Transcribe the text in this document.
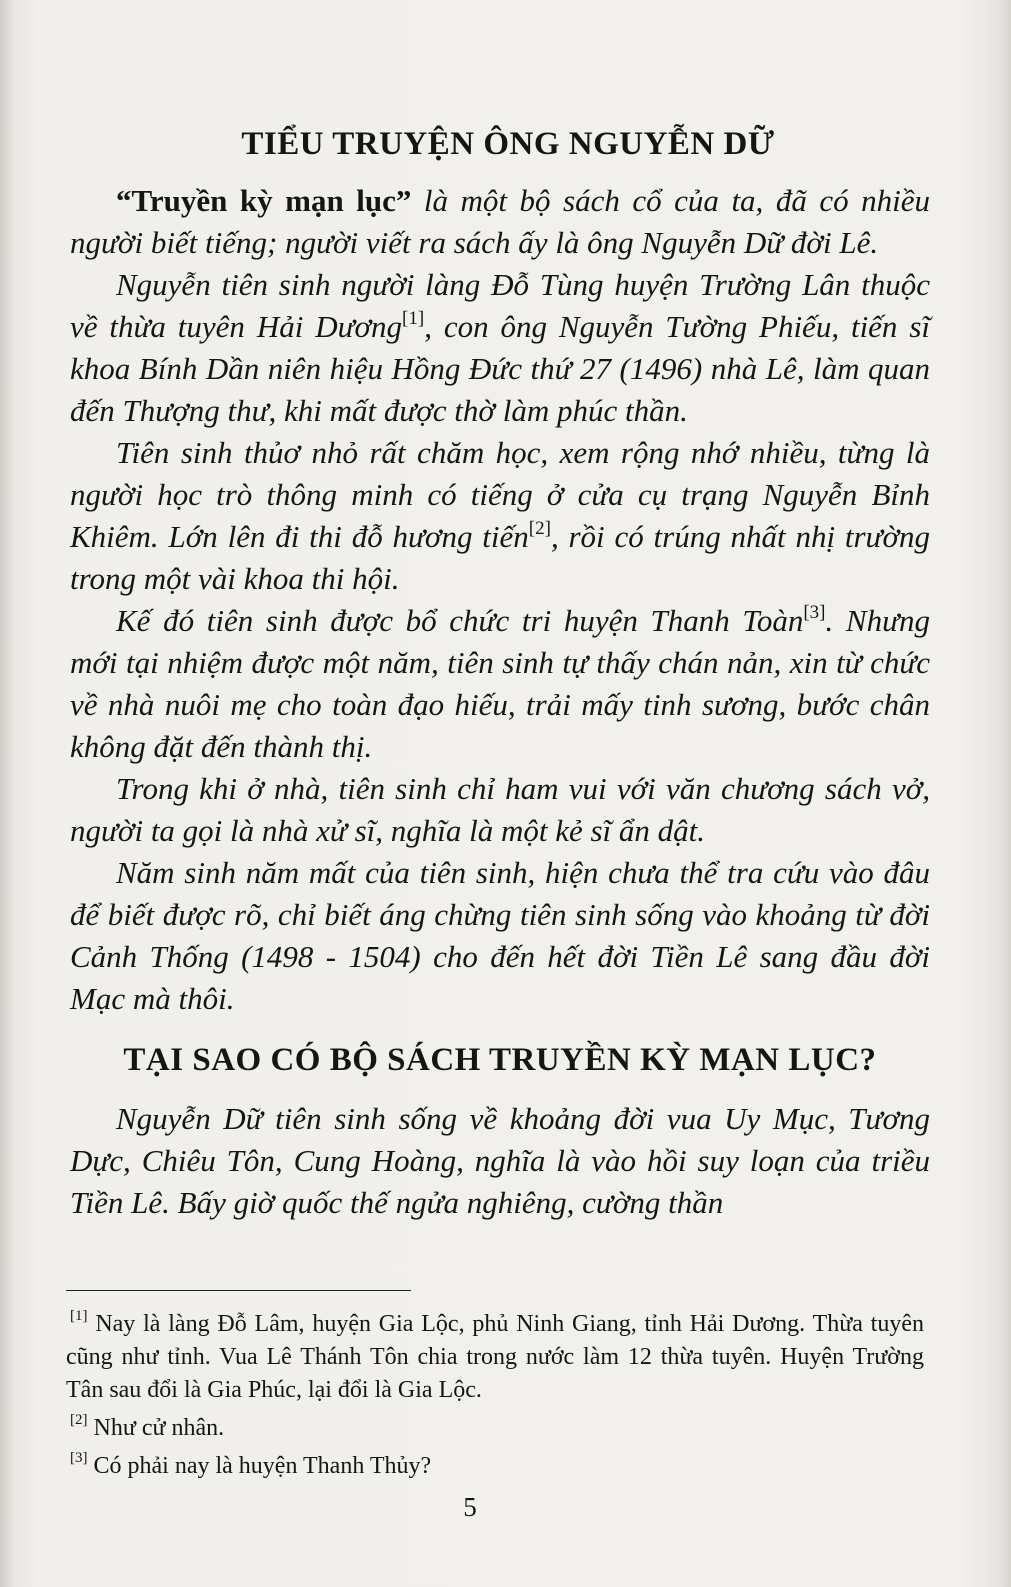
TIỂU TRUYỆN ÔNG NGUYỄN DỮ

“Truyền kỳ mạn lục” là một bộ sách cổ của ta, đã có nhiều người biết tiếng; người viết ra sách ấy là ông Nguyễn Dữ đời Lê.

Nguyễn tiên sinh người làng Đỗ Tùng huyện Trường Lân thuộc về thừa tuyên Hải Dương[1], con ông Nguyễn Tường Phiếu, tiến sĩ khoa Bính Dần niên hiệu Hồng Đức thứ 27 (1496) nhà Lê, làm quan đến Thượng thư, khi mất được thờ làm phúc thần.

Tiên sinh thủơ nhỏ rất chăm học, xem rộng nhớ nhiều, từng là người học trò thông minh có tiếng ở cửa cụ trạng Nguyễn Bỉnh Khiêm. Lớn lên đi thi đỗ hương tiến[2], rồi có trúng nhất nhị trường trong một vài khoa thi hội.

Kế đó tiên sinh được bổ chức tri huyện Thanh Toàn[3]. Nhưng mới tại nhiệm được một năm, tiên sinh tự thấy chán nản, xin từ chức về nhà nuôi mẹ cho toàn đạo hiếu, trải mấy tinh sương, bước chân không đặt đến thành thị.

Trong khi ở nhà, tiên sinh chỉ ham vui với văn chương sách vở, người ta gọi là nhà xử sĩ, nghĩa là một kẻ sĩ ẩn dật.

Năm sinh năm mất của tiên sinh, hiện chưa thể tra cứu vào đâu để biết được rõ, chỉ biết áng chừng tiên sinh sống vào khoảng từ đời Cảnh Thống (1498 - 1504) cho đến hết đời Tiền Lê sang đầu đời Mạc mà thôi.

TẠI SAO CÓ BỘ SÁCH TRUYỀN KỲ MẠN LỤC?

Nguyễn Dữ tiên sinh sống về khoảng đời vua Uy Mục, Tương Dực, Chiêu Tôn, Cung Hoàng, nghĩa là vào hồi suy loạn của triều Tiền Lê. Bấy giờ quốc thế ngửa nghiêng, cường thần

[1] Nay là làng Đỗ Lâm, huyện Gia Lộc, phủ Ninh Giang, tỉnh Hải Dương. Thừa tuyên cũng như tỉnh. Vua Lê Thánh Tôn chia trong nước làm 12 thừa tuyên. Huyện Trường Tân sau đổi là Gia Phúc, lại đổi là Gia Lộc.
[2] Như cử nhân.
[3] Có phải nay là huyện Thanh Thủy?
5
